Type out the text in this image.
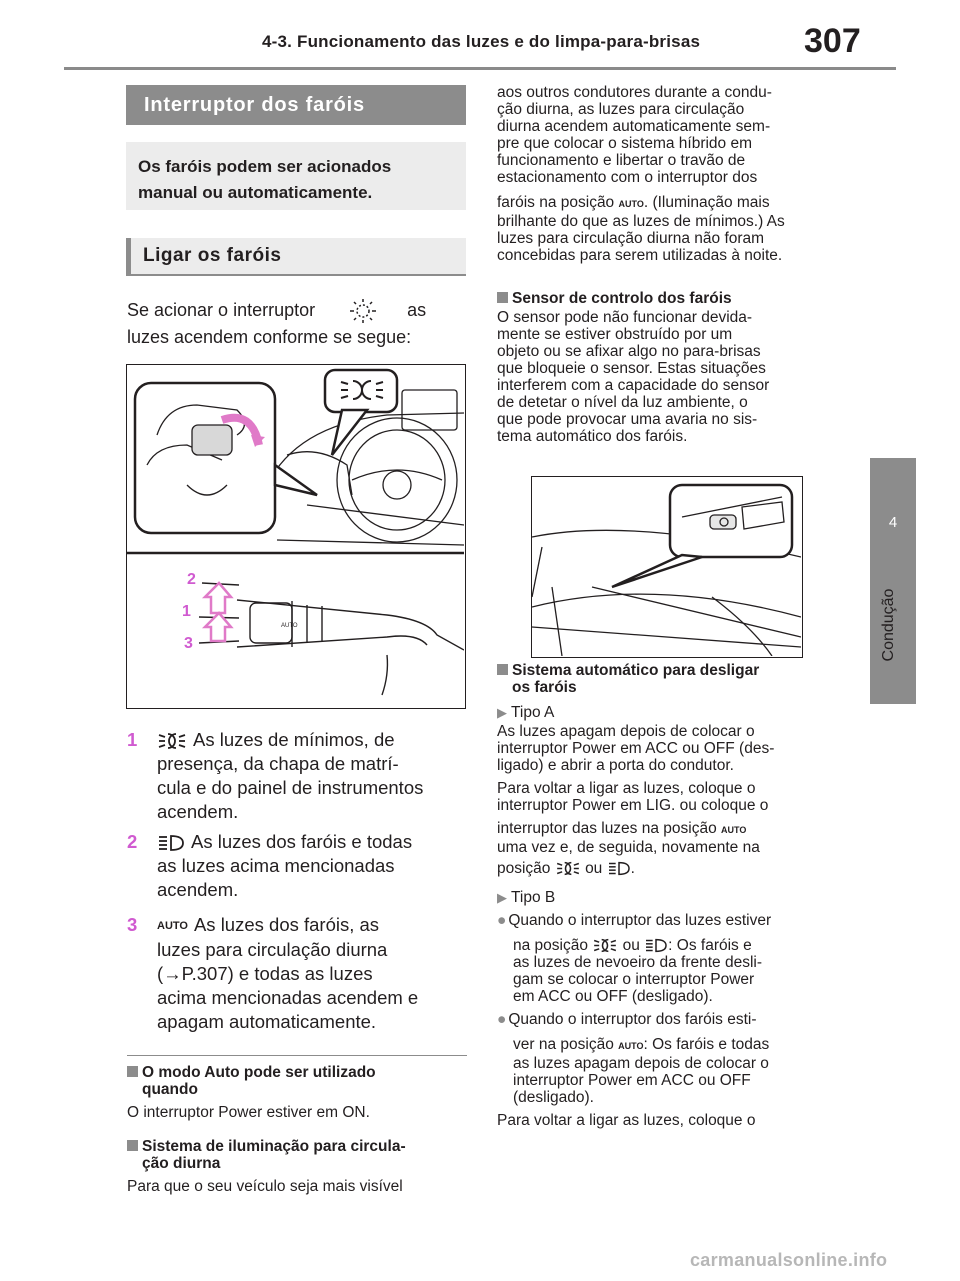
4-3. Funcionamento das luzes e do limpa-para-brisas	307
4
Condução
Interruptor dos faróis
Os faróis podem ser acionados
manual ou automaticamente.
Ligar os faróis
Se acionar o interruptor	as
luzes acendem conforme se segue:
2
1
3
AUTO
1	As luzes de mínimos, de
presença, da chapa de matrí-
cula e do painel de instrumentos
acendem.
2	As luzes dos faróis e todas
as luzes acima mencionadas
acendem.
3 AUTO As luzes dos faróis, as
luzes para circulação diurna
(→P.307) e todas as luzes
acima mencionadas acendem e
apagam automaticamente.
O modo Auto pode ser utilizado
quando
O interruptor Power estiver em ON.
Sistema de iluminação para circula-
ção diurna
Para que o seu veículo seja mais visível
aos outros condutores durante a condu-
ção diurna, as luzes para circulação
diurna acendem automaticamente sem-
pre que colocar o sistema híbrido em
funcionamento e libertar o travão de
estacionamento com o interruptor dos
faróis na posição AUTO. (Iluminação mais
brilhante do que as luzes de mínimos.) As
luzes para circulação diurna não foram
concebidas para serem utilizadas à noite.
Sensor de controlo dos faróis
O sensor pode não funcionar devida-
mente se estiver obstruído por um
objeto ou se afixar algo no para-brisas
que bloqueie o sensor. Estas situações
interferem com a capacidade do sensor
de detetar o nível da luz ambiente, o
que pode provocar uma avaria no sis-
tema automático dos faróis.
Sistema automático para desligar
os faróis
▶ Tipo A
As luzes apagam depois de colocar o
interruptor Power em ACC ou OFF (des-
ligado) e abrir a porta do condutor.
Para voltar a ligar as luzes, coloque o
interruptor Power em LIG. ou coloque o
interruptor das luzes na posição AUTO
uma vez e, de seguida, novamente na
posição ou .
▶ Tipo B
● Quando o interruptor das luzes estiver
na posição ou : Os faróis e
as luzes de nevoeiro da frente desli-
gam se colocar o interruptor Power
em ACC ou OFF (desligado).
● Quando o interruptor dos faróis esti-
ver na posição AUTO: Os faróis e todas
as luzes apagam depois de colocar o
interruptor Power em ACC ou OFF
(desligado).
Para voltar a ligar as luzes, coloque o
carmanualsonline.info
